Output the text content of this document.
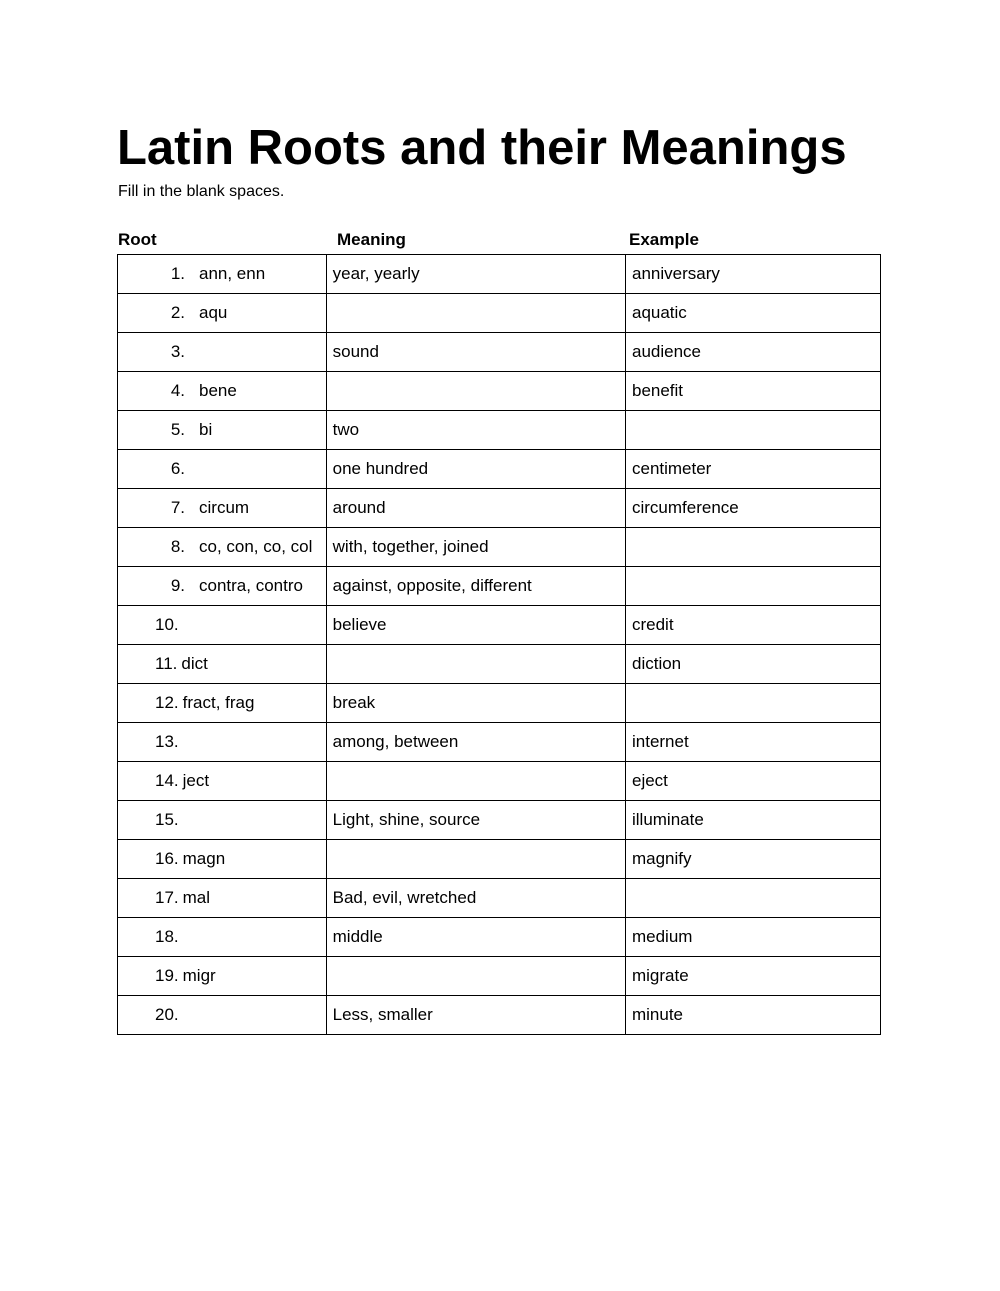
Latin Roots and their Meanings
Fill in the blank spaces.
Root	Meaning	Example
1. ann, enn	year, yearly	anniversary
2. aqu		aquatic
3.	sound	audience
4. bene		benefit
5. bi	two	
6.	one hundred	centimeter
7. circum	around	circumference
8. co, con, co, col	with, together, joined	
9. contra, contro	against, opposite, different	
10.	believe	credit
11. dict		diction
12. fract, frag	break	
13.	among, between	internet
14. ject		eject
15.	Light, shine, source	illuminate
16. magn		magnify
17. mal	Bad, evil, wretched	
18.	middle	medium
19. migr		migrate
20.	Less, smaller	minute
